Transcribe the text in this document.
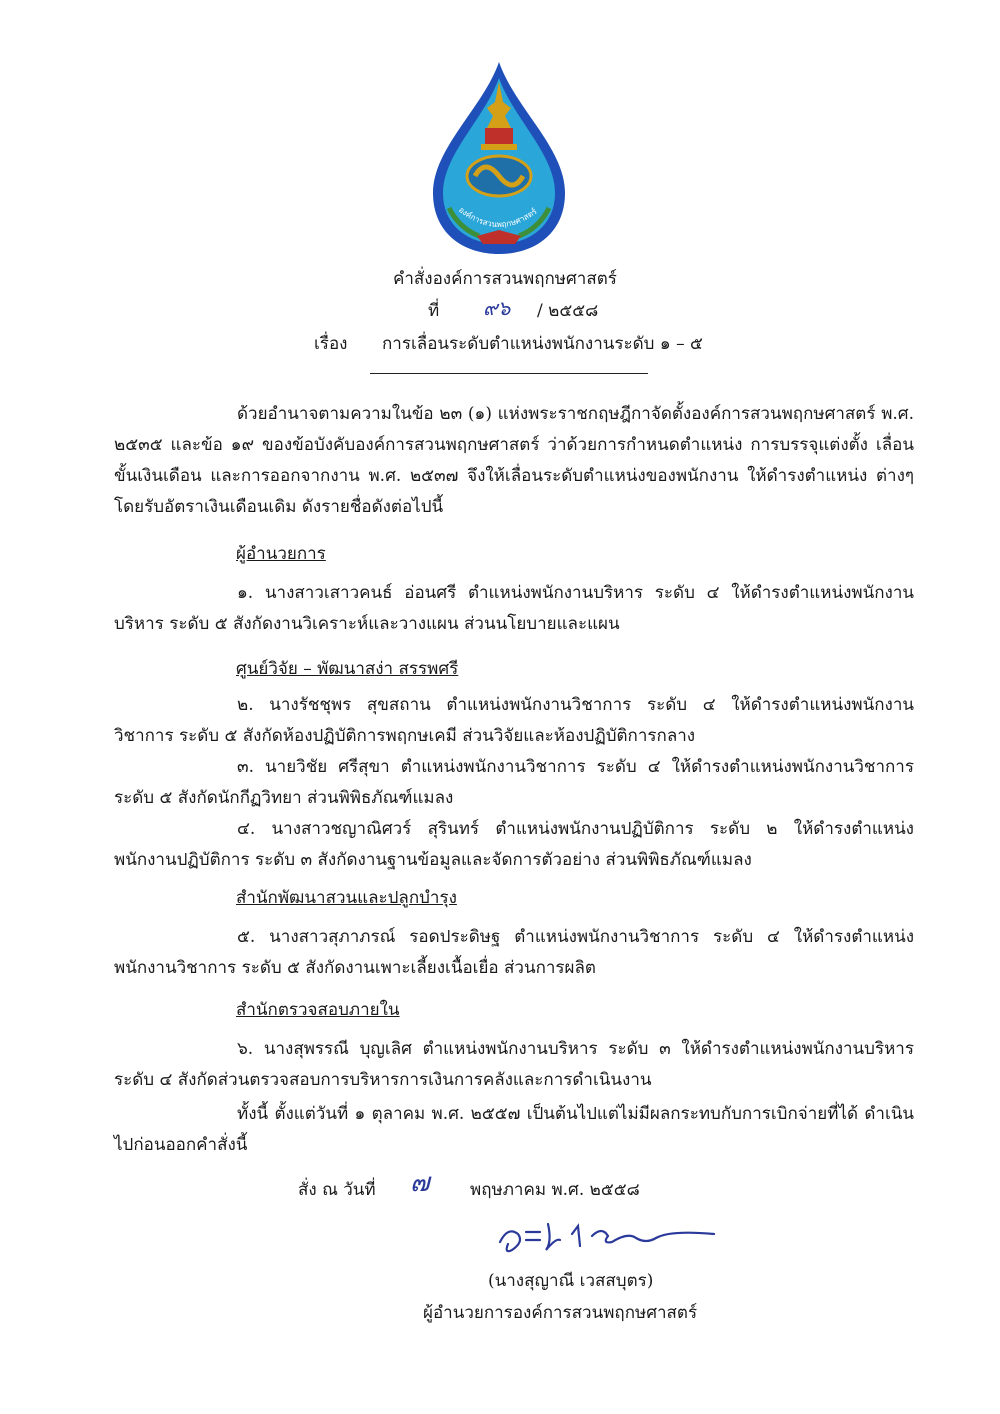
องค์การสวนพฤกษศาสตร์
คำสั่งองค์การสวนพฤกษศาสตร์
ที่ ๙๖ / ๒๕๕๘
เรื่อง การเลื่อนระดับตำแหน่งพนักงานระดับ ๑ – ๕
ด้วยอำนาจตามความในข้อ ๒๓ (๑) แห่งพระราชกฤษฎีกาจัดตั้งองค์การสวนพฤกษศาสตร์ พ.ศ. ๒๕๓๕ และข้อ ๑๙ ของข้อบังคับองค์การสวนพฤกษศาสตร์ ว่าด้วยการกำหนดตำแหน่ง การบรรจุแต่งตั้ง เลื่อนขั้นเงินเดือน และการออกจากงาน พ.ศ. ๒๕๓๗ จึงให้เลื่อนระดับตำแหน่งของพนักงาน ให้ดำรงตำแหน่ง ต่างๆ โดยรับอัตราเงินเดือนเดิม ดังรายชื่อดังต่อไปนี้
ผู้อำนวยการ
๑. นางสาวเสาวคนธ์ อ่อนศรี ตำแหน่งพนักงานบริหาร ระดับ ๔ ให้ดำรงตำแหน่งพนักงาน บริหาร ระดับ ๕ สังกัดงานวิเคราะห์และวางแผน ส่วนนโยบายและแผน
ศูนย์วิจัย – พัฒนาสง่า สรรพศรี
๒. นางรัชชุพร สุขสถาน ตำแหน่งพนักงานวิชาการ ระดับ ๔ ให้ดำรงตำแหน่งพนักงาน วิชาการ ระดับ ๕ สังกัดห้องปฏิบัติการพฤกษเคมี ส่วนวิจัยและห้องปฏิบัติการกลาง
๓. นายวิชัย ศรีสุขา ตำแหน่งพนักงานวิชาการ ระดับ ๔ ให้ดำรงตำแหน่งพนักงานวิชาการ ระดับ ๕ สังกัดนักกีฏวิทยา ส่วนพิพิธภัณฑ์แมลง
๔. นางสาวชญาณิศวร์ สุรินทร์ ตำแหน่งพนักงานปฏิบัติการ ระดับ ๒ ให้ดำรงตำแหน่ง พนักงานปฏิบัติการ ระดับ ๓ สังกัดงานฐานข้อมูลและจัดการตัวอย่าง ส่วนพิพิธภัณฑ์แมลง
สำนักพัฒนาสวนและปลูกบำรุง
๕. นางสาวสุภาภรณ์ รอดประดิษฐ ตำแหน่งพนักงานวิชาการ ระดับ ๔ ให้ดำรงตำแหน่ง พนักงานวิชาการ ระดับ ๕ สังกัดงานเพาะเลี้ยงเนื้อเยื่อ ส่วนการผลิต
สำนักตรวจสอบภายใน
๖. นางสุพรรณี บุญเลิศ ตำแหน่งพนักงานบริหาร ระดับ ๓ ให้ดำรงตำแหน่งพนักงานบริหาร ระดับ ๔ สังกัดส่วนตรวจสอบการบริหารการเงินการคลังและการดำเนินงาน
ทั้งนี้ ตั้งแต่วันที่ ๑ ตุลาคม พ.ศ. ๒๕๕๗ เป็นต้นไปแต่ไม่มีผลกระทบกับการเบิกจ่ายที่ได้ ดำเนินไปก่อนออกคำสั่งนี้
สั่ง ณ วันที่ ๗ พฤษภาคม พ.ศ. ๒๕๕๘
(นางสุญาณี เวสสบุตร)
ผู้อำนวยการองค์การสวนพฤกษศาสตร์
